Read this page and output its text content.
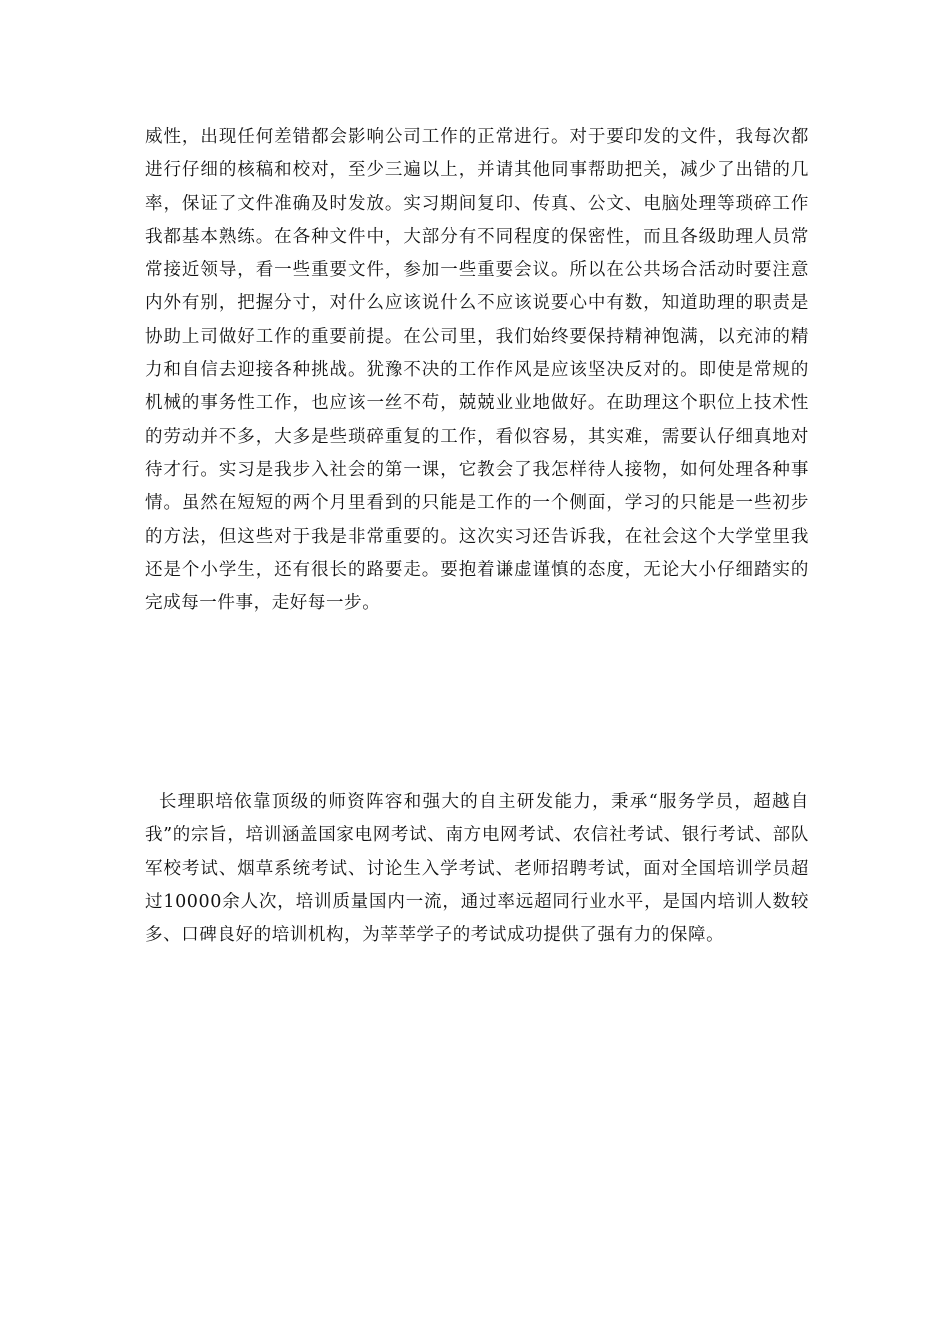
威性，出现任何差错都会影响公司工作的正常进行。对于要印发的文件，我每次都进行仔细的核稿和校对，至少三遍以上，并请其他同事帮助把关，减少了出错的几率，保证了文件准确及时发放。实习期间复印、传真、公文、电脑处理等琐碎工作我都基本熟练。在各种文件中，大部分有不同程度的保密性，而且各级助理人员常常接近领导，看一些重要文件，参加一些重要会议。所以在公共场合活动时要注意内外有别，把握分寸，对什么应该说什么不应该说要心中有数，知道助理的职责是协助上司做好工作的重要前提。在公司里，我们始终要保持精神饱满，以充沛的精力和自信去迎接各种挑战。犹豫不决的工作作风是应该坚决反对的。即使是常规的机械的事务性工作，也应该一丝不苟，兢兢业业地做好。在助理这个职位上技术性的劳动并不多，大多是些琐碎重复的工作，看似容易，其实难，需要认仔细真地对待才行。实习是我步入社会的第一课，它教会了我怎样待人接物，如何处理各种事情。虽然在短短的两个月里看到的只能是工作的一个侧面，学习的只能是一些初步的方法，但这些对于我是非常重要的。这次实习还告诉我，在社会这个大学堂里我还是个小学生，还有很长的路要走。要抱着谦虚谨慎的态度，无论大小仔细踏实的完成每一件事，走好每一步。

长理职培依靠顶级的师资阵容和强大的自主研发能力，秉承“服务学员，超越自我”的宗旨，培训涵盖国家电网考试、南方电网考试、农信社考试、银行考试、部队军校考试、烟草系统考试、讨论生入学考试、老师招聘考试，面对全国培训学员超过10000余人次，培训质量国内一流，通过率远超同行业水平，是国内培训人数较多、口碑良好的培训机构，为莘莘学子的考试成功提供了强有力的保障。
